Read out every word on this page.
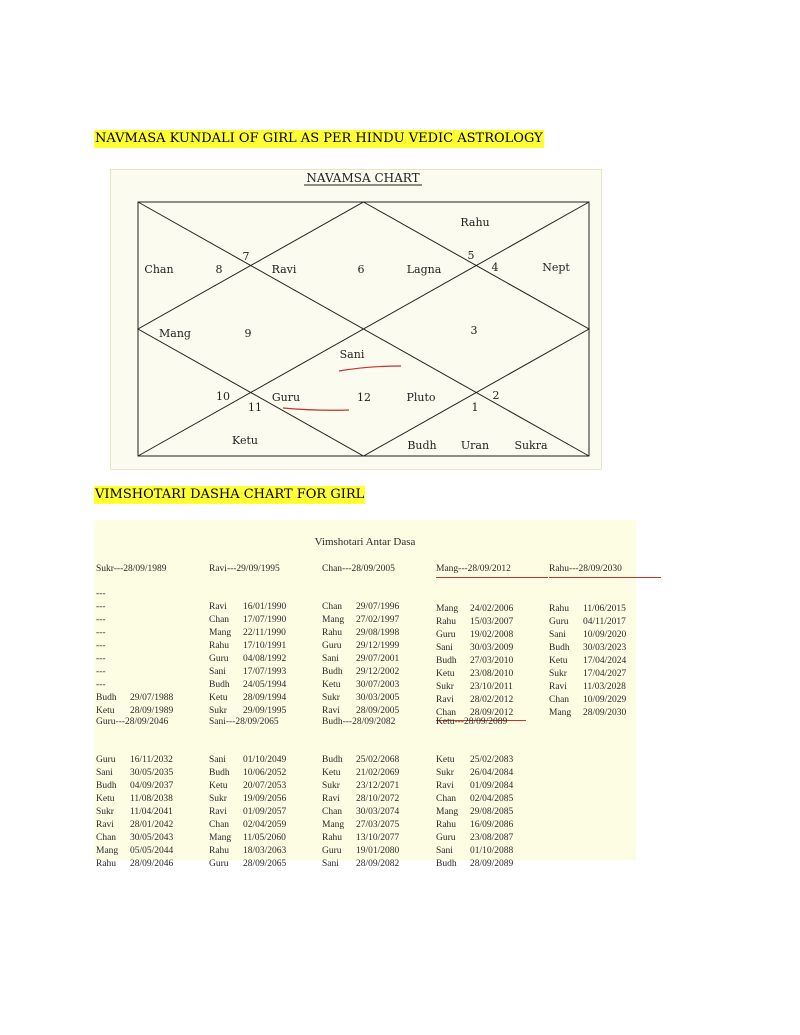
NAVMASA KUNDALI OF GIRL AS PER HINDU VEDIC ASTROLOGY
NAVAMSA CHART
Rahu
Chan	8
7
Ravi	6	Lagna
5
4	Nept
Mang	9	3
Sani
10
11
Guru	12	Pluto	2
1
Ketu	Budh Uran Sukra
VIMSHOTARI DASHA CHART FOR GIRL
Vimshotari Antar Dasa
Sukr---28/09/1989
---
---
---
---
---
---
---
---
Budh 29/07/1988
Ketu 28/09/1989
Ravi---29/09/1995
Ravi 16/01/1990
Chan 17/07/1990
Mang 22/11/1990
Rahu 17/10/1991
Guru 04/08/1992
Sani 17/07/1993
Budh 24/05/1994
Ketu 28/09/1994
Sukr 29/09/1995
Chan---28/09/2005
Chan 29/07/1996
Mang 27/02/1997
Rahu 29/08/1998
Guru 29/12/1999
Sani 29/07/2001
Budh 29/12/2002
Ketu 30/07/2003
Sukr 30/03/2005
Ravi 28/09/2005
Mang---28/09/2012
Mang 24/02/2006
Rahu 15/03/2007
Guru 19/02/2008
Sani 30/03/2009
Budh 27/03/2010
Ketu 23/08/2010
Sukr 23/10/2011
Ravi 28/02/2012
Chan 28/09/2012
Rahu---28/09/2030
Rahu 11/06/2015
Guru 04/11/2017
Sani 10/09/2020
Budh 30/03/2023
Ketu 17/04/2024
Sukr 17/04/2027
Ravi 11/03/2028
Chan 10/09/2029
Mang 28/09/2030
Guru---28/09/2046
Guru 16/11/2032
Sani 30/05/2035
Budh 04/09/2037
Ketu 11/08/2038
Sukr 11/04/2041
Ravi 28/01/2042
Chan 30/05/2043
Mang 05/05/2044
Rahu 28/09/2046
Sani---28/09/2065
Sani 01/10/2049
Budh 10/06/2052
Ketu 20/07/2053
Sukr 19/09/2056
Ravi 01/09/2057
Chan 02/04/2059
Mang 11/05/2060
Rahu 18/03/2063
Guru 28/09/2065
Budh---28/09/2082
Budh 25/02/2068
Ketu 21/02/2069
Sukr 23/12/2071
Ravi 28/10/2072
Chan 30/03/2074
Mang 27/03/2075
Rahu 13/10/2077
Guru 19/01/2080
Sani 28/09/2082
Ketu---28/09/2089
Ketu 25/02/2083
Sukr 26/04/2084
Ravi 01/09/2084
Chan 02/04/2085
Mang 29/08/2085
Rahu 16/09/2086
Guru 23/08/2087
Sani 01/10/2088
Budh 28/09/2089
